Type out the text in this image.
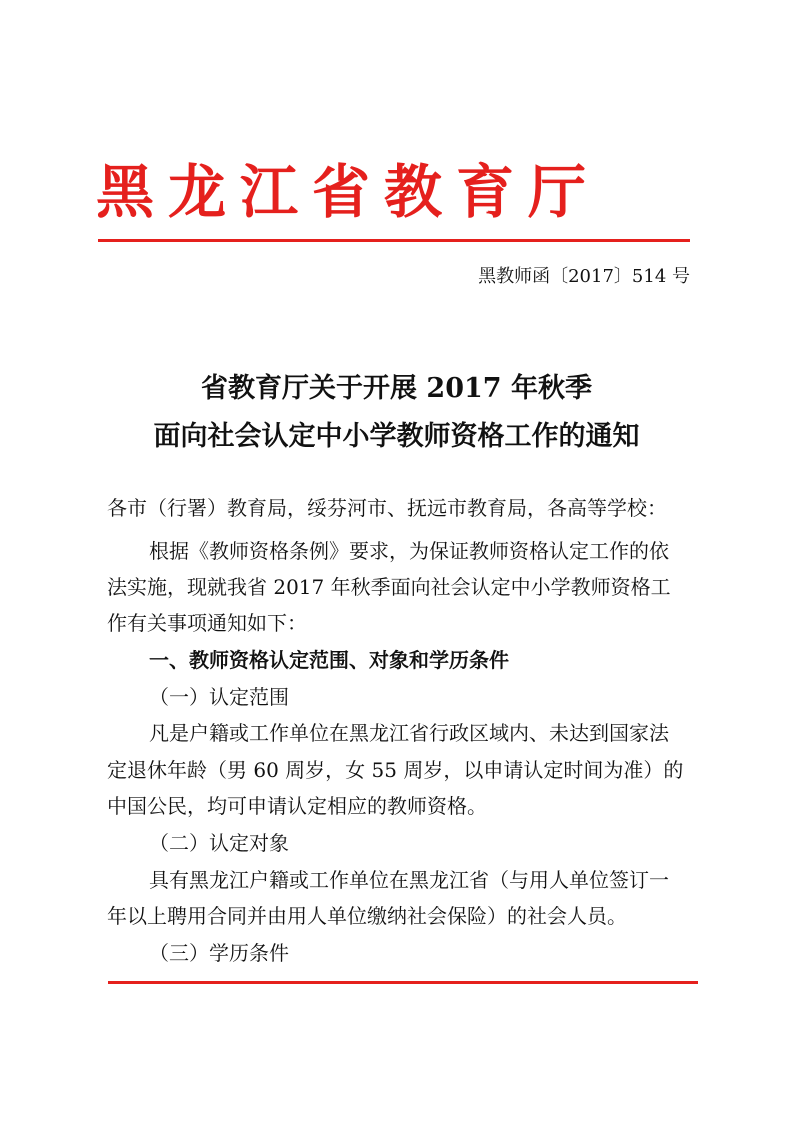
黑龙江省教育厅
黑教师函〔2017〕514 号
省教育厅关于开展 2017 年秋季
面向社会认定中小学教师资格工作的通知
各市（行署）教育局，绥芬河市、抚远市教育局，各高等学校：
根据《教师资格条例》要求，为保证教师资格认定工作的依
法实施，现就我省 2017 年秋季面向社会认定中小学教师资格工
作有关事项通知如下：
一、教师资格认定范围、对象和学历条件
（一）认定范围
凡是户籍或工作单位在黑龙江省行政区域内、未达到国家法
定退休年龄（男 60 周岁，女 55 周岁，以申请认定时间为准）的
中国公民，均可申请认定相应的教师资格。
（二）认定对象
具有黑龙江户籍或工作单位在黑龙江省（与用人单位签订一
年以上聘用合同并由用人单位缴纳社会保险）的社会人员。
（三）学历条件
